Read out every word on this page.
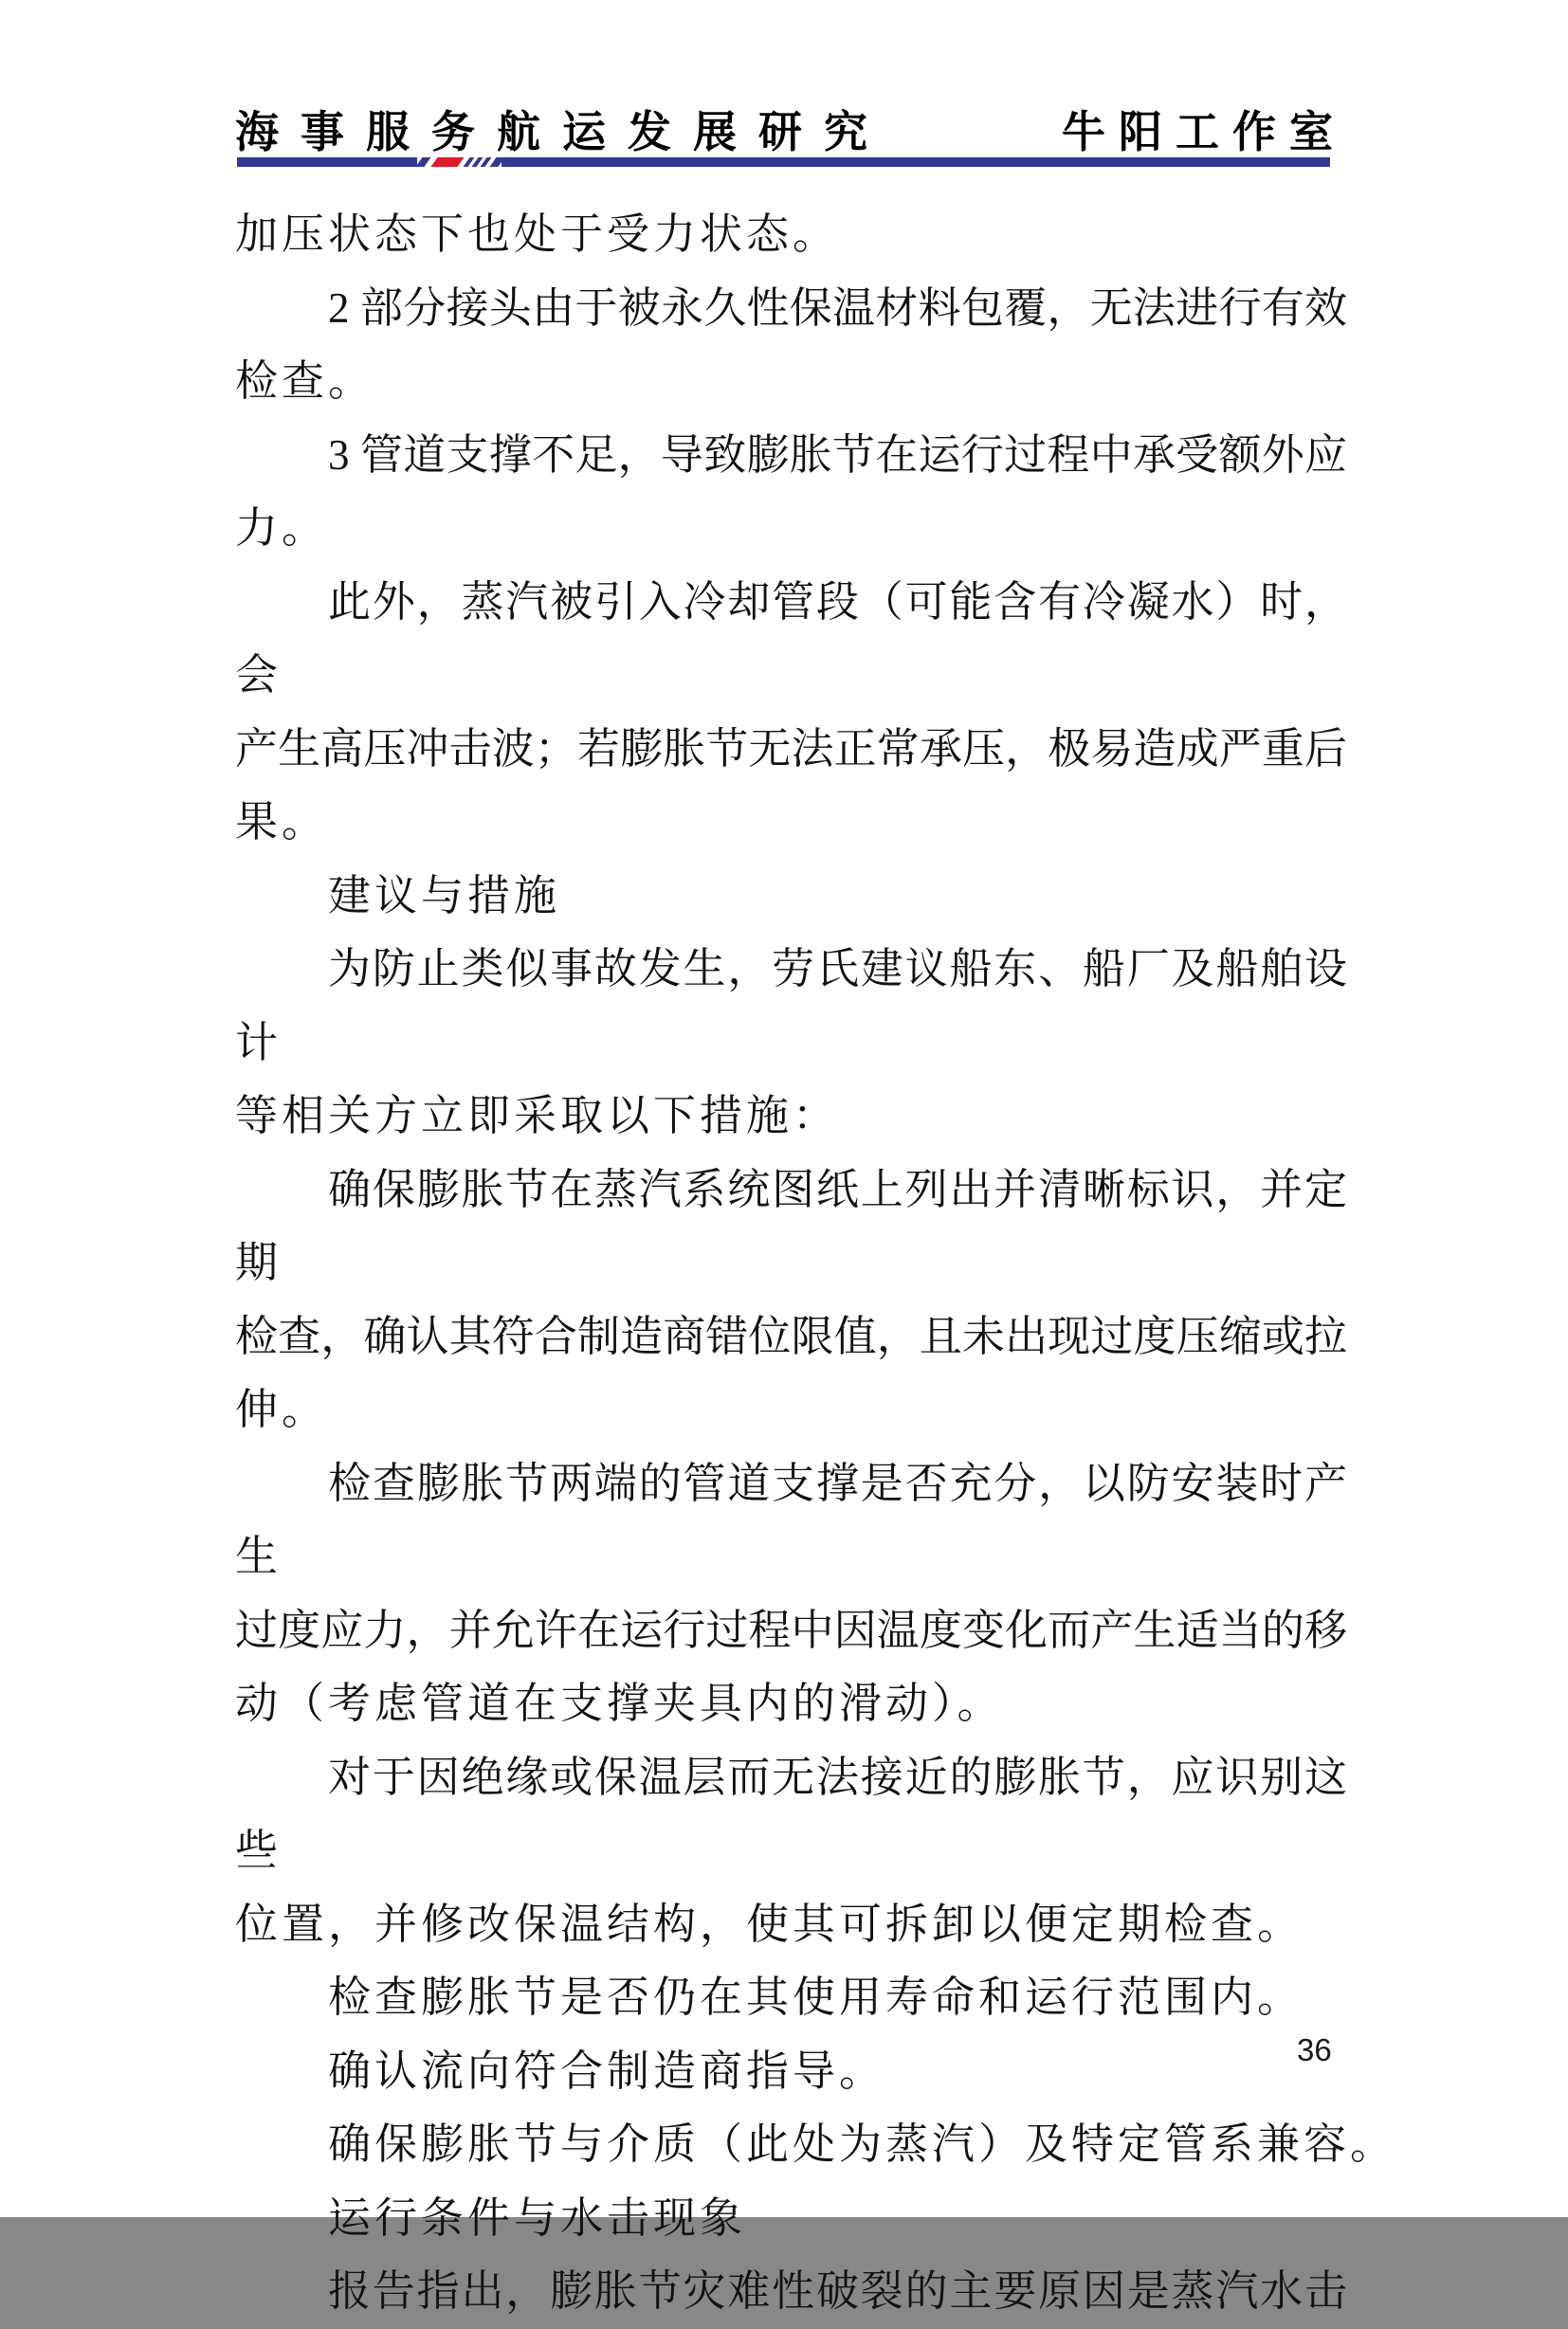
海事服务航运发展研究	牛阳工作室
加压状态下也处于受力状态。
2 部分接头由于被永久性保温材料包覆，无法进行有效
检查。
3 管道支撑不足，导致膨胀节在运行过程中承受额外应
力。
此外，蒸汽被引入冷却管段（可能含有冷凝水）时，会
产生高压冲击波；若膨胀节无法正常承压，极易造成严重后
果。
建议与措施
为防止类似事故发生，劳氏建议船东、船厂及船舶设计
等相关方立即采取以下措施：
确保膨胀节在蒸汽系统图纸上列出并清晰标识，并定期
检查，确认其符合制造商错位限值，且未出现过度压缩或拉
伸。
检查膨胀节两端的管道支撑是否充分，以防安装时产生
过度应力，并允许在运行过程中因温度变化而产生适当的移
动（考虑管道在支撑夹具内的滑动）。
对于因绝缘或保温层而无法接近的膨胀节，应识别这些
位置，并修改保温结构，使其可拆卸以便定期检查。
检查膨胀节是否仍在其使用寿命和运行范围内。
确认流向符合制造商指导。
确保膨胀节与介质（此处为蒸汽）及特定管系兼容。
运行条件与水击现象
报告指出，膨胀节灾难性破裂的主要原因是蒸汽水击
36
